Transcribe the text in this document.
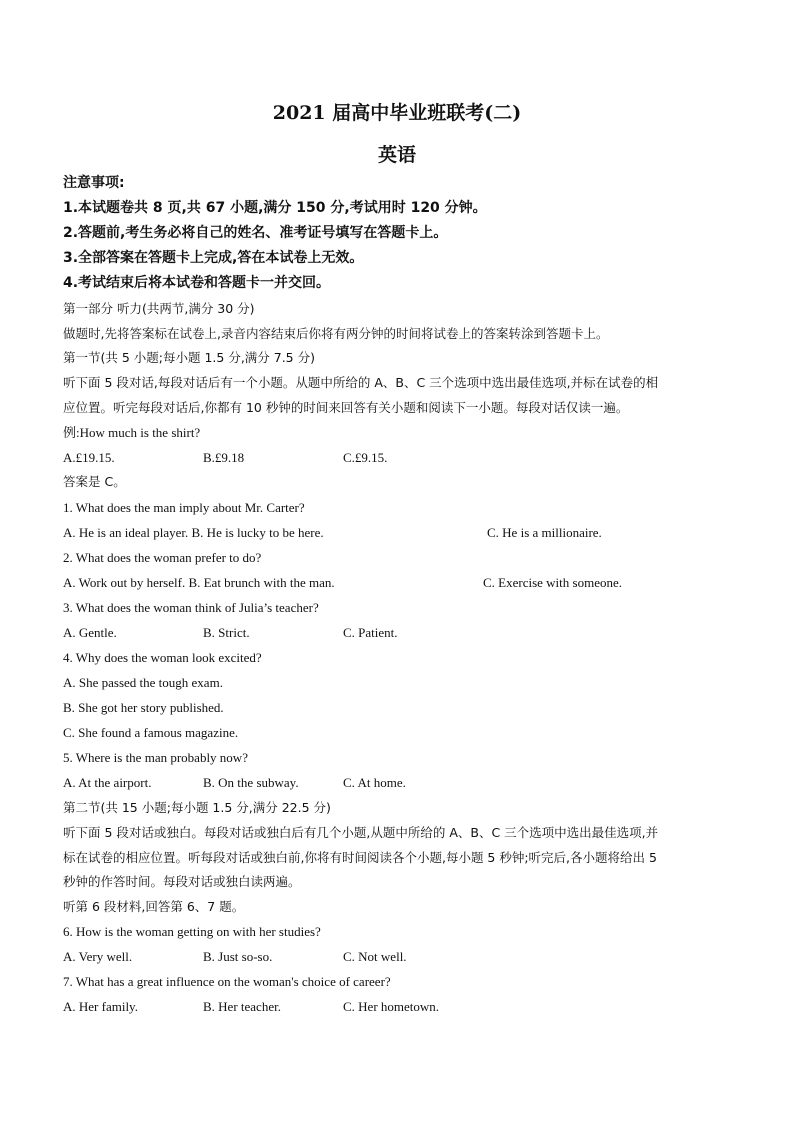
2021 届高中毕业班联考(二)
英语
注意事项:
1.本试题卷共 8 页,共 67 小题,满分 150 分,考试用时 120 分钟。
2.答题前,考生务必将自己的姓名、准考证号填写在答题卡上。
3.全部答案在答题卡上完成,答在本试卷上无效。
4.考试结束后将本试卷和答题卡一并交回。
第一部分 听力(共两节,满分 30 分)
做题时,先将答案标在试卷上,录音内容结束后你将有两分钟的时间将试卷上的答案转涂到答题卡上。
第一节(共 5 小题;每小题 1.5 分,满分 7.5 分)
听下面 5 段对话,每段对话后有一个小题。从题中所给的 A、B、C 三个选项中选出最佳选项,并标在试卷的相
应位置。听完每段对话后,你都有 10 秒钟的时间来回答有关小题和阅读下一小题。每段对话仅读一遍。
例:How much is the shirt?
A.£19.15.	B.£9.18	C.£9.15.
答案是 C。
1. What does the man imply about Mr. Carter?
A. He is an ideal player. B. He is lucky to be here.	C. He is a millionaire.
2. What does the woman prefer to do?
A. Work out by herself. B. Eat brunch with the man.	C. Exercise with someone.
3. What does the woman think of Julia’s teacher?
A. Gentle.	B. Strict.	C. Patient.
4. Why does the woman look excited?
A. She passed the tough exam.
B. She got her story published.
C. She found a famous magazine.
5. Where is the man probably now?
A. At the airport.	B. On the subway.	C. At home.
第二节(共 15 小题;每小题 1.5 分,满分 22.5 分)
听下面 5 段对话或独白。每段对话或独白后有几个小题,从题中所给的 A、B、C 三个选项中选出最佳选项,并
标在试卷的相应位置。听每段对话或独白前,你将有时间阅读各个小题,每小题 5 秒钟;听完后,各小题将给出 5
秒钟的作答时间。每段对话或独白读两遍。
听第 6 段材料,回答第 6、7 题。
6. How is the woman getting on with her studies?
A. Very well.	B. Just so-so.	C. Not well.
7. What has a great influence on the woman's choice of career?
A. Her family.	B. Her teacher.	C. Her hometown.
